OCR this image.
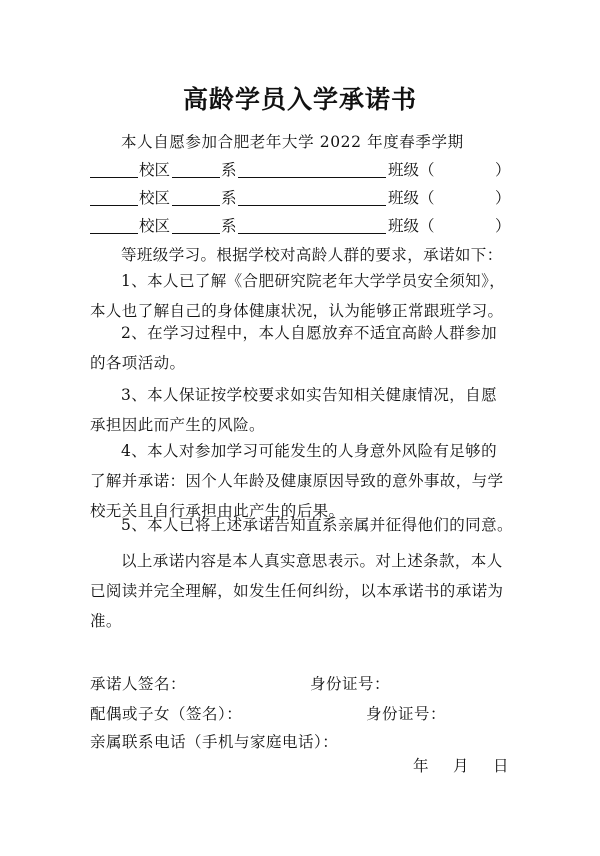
高龄学员入学承诺书
本人自愿参加合肥老年大学 2022 年度春季学期
校区	系	班级（	）
校区	系	班级（	）
校区	系	班级（	）
等班级学习。根据学校对高龄人群的要求，承诺如下：
1、本人已了解《合肥研究院老年大学学员安全须知》，
本人也了解自己的身体健康状况，认为能够正常跟班学习。
2、在学习过程中，本人自愿放弃不适宜高龄人群参加
的各项活动。
3、本人保证按学校要求如实告知相关健康情况，自愿
承担因此而产生的风险。
4、本人对参加学习可能发生的人身意外风险有足够的
了解并承诺：因个人年龄及健康原因导致的意外事故，与学
校无关且自行承担由此产生的后果。
5、本人已将上述承诺告知直系亲属并征得他们的同意。
以上承诺内容是本人真实意思表示。对上述条款，本人
已阅读并完全理解，如发生任何纠纷，以本承诺书的承诺为
准。
承诺人签名：	身份证号：
配偶或子女（签名）：	身份证号：
亲属联系电话（手机与家庭电话）：
年 月 日
